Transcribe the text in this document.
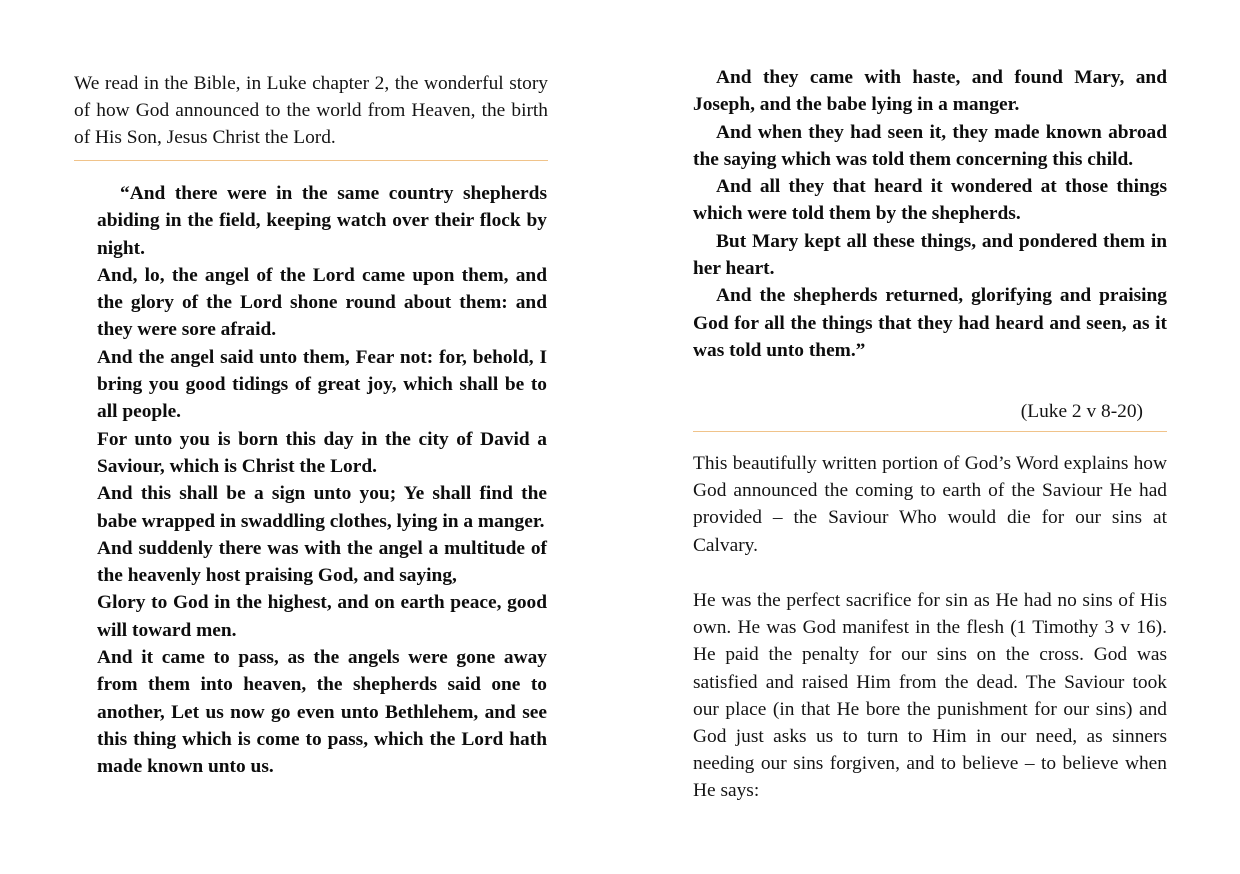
We read in the Bible, in Luke chapter 2, the wonderful story of how God announced to the world from Heaven, the birth of His Son, Jesus Christ the Lord.

“And there were in the same country shepherds abiding in the field, keeping watch over their flock by night.

And, lo, the angel of the Lord came upon them, and the glory of the Lord shone round about them: and they were sore afraid.

And the angel said unto them, Fear not: for, behold, I bring you good tidings of great joy, which shall be to all people.

For unto you is born this day in the city of David a Saviour, which is Christ the Lord.

And this shall be a sign unto you; Ye shall find the babe wrapped in swaddling clothes, lying in a manger.

And suddenly there was with the angel a multitude of the heavenly host praising God, and saying,

Glory to God in the highest, and on earth peace, good will toward men.

And it came to pass, as the angels were gone away from them into heaven, the shepherds said one to another, Let us now go even unto Bethlehem, and see this thing which is come to pass, which the Lord hath made known unto us.

And they came with haste, and found Mary, and Joseph, and the babe lying in a manger.

And when they had seen it, they made known abroad the saying which was told them concerning this child.

And all they that heard it wondered at those things which were told them by the shepherds.

But Mary kept all these things, and pondered them in her heart.

And the shepherds returned, glorifying and praising God for all the things that they had heard and seen, as it was told unto them.”

(Luke 2 v 8-20)

This beautifully written portion of God’s Word explains how God announced the coming to earth of the Saviour He had provided – the Saviour Who would die for our sins at Calvary.

He was the perfect sacrifice for sin as He had no sins of His own. He was God manifest in the flesh (1 Timothy 3 v 16). He paid the penalty for our sins on the cross. God was satisfied and raised Him from the dead. The Saviour took our place (in that He bore the punishment for our sins) and God just asks us to turn to Him in our need, as sinners needing our sins forgiven, and to believe – to believe when He says:
